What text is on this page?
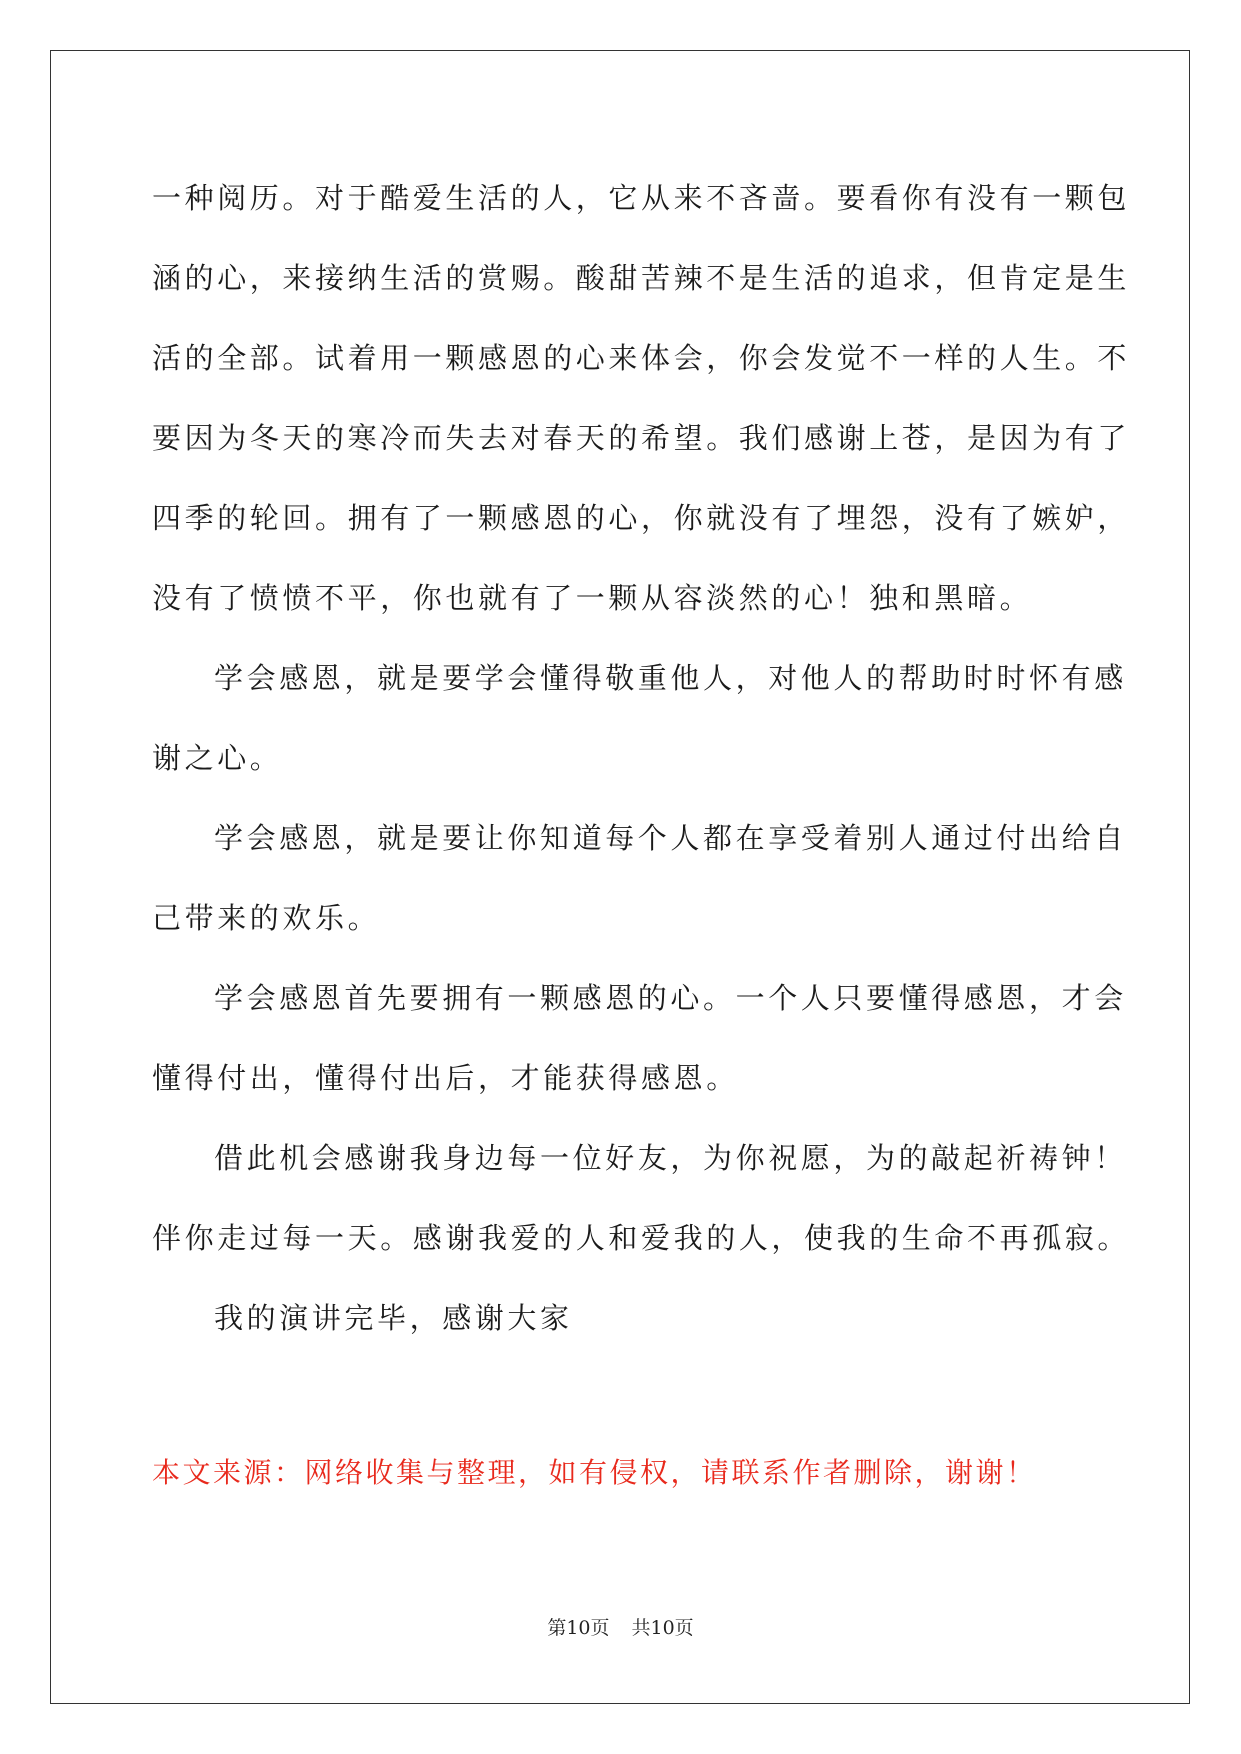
一种阅历。对于酷爱生活的人，它从来不吝啬。要看你有没有一颗包

涵的心，来接纳生活的赏赐。酸甜苦辣不是生活的追求，但肯定是生

活的全部。试着用一颗感恩的心来体会，你会发觉不一样的人生。不

要因为冬天的寒冷而失去对春天的希望。我们感谢上苍，是因为有了

四季的轮回。拥有了一颗感恩的心，你就没有了埋怨，没有了嫉妒，

没有了愤愤不平，你也就有了一颗从容淡然的心！独和黑暗。

学会感恩，就是要学会懂得敬重他人，对他人的帮助时时怀有感

谢之心。

学会感恩，就是要让你知道每个人都在享受着别人通过付出给自

己带来的欢乐。

学会感恩首先要拥有一颗感恩的心。一个人只要懂得感恩，才会

懂得付出，懂得付出后，才能获得感恩。

借此机会感谢我身边每一位好友，为你祝愿，为的敲起祈祷钟！

伴你走过每一天。感谢我爱的人和爱我的人，使我的生命不再孤寂。

我的演讲完毕，感谢大家

本文来源：网络收集与整理，如有侵权，请联系作者删除，谢谢！
第10页 共10页
